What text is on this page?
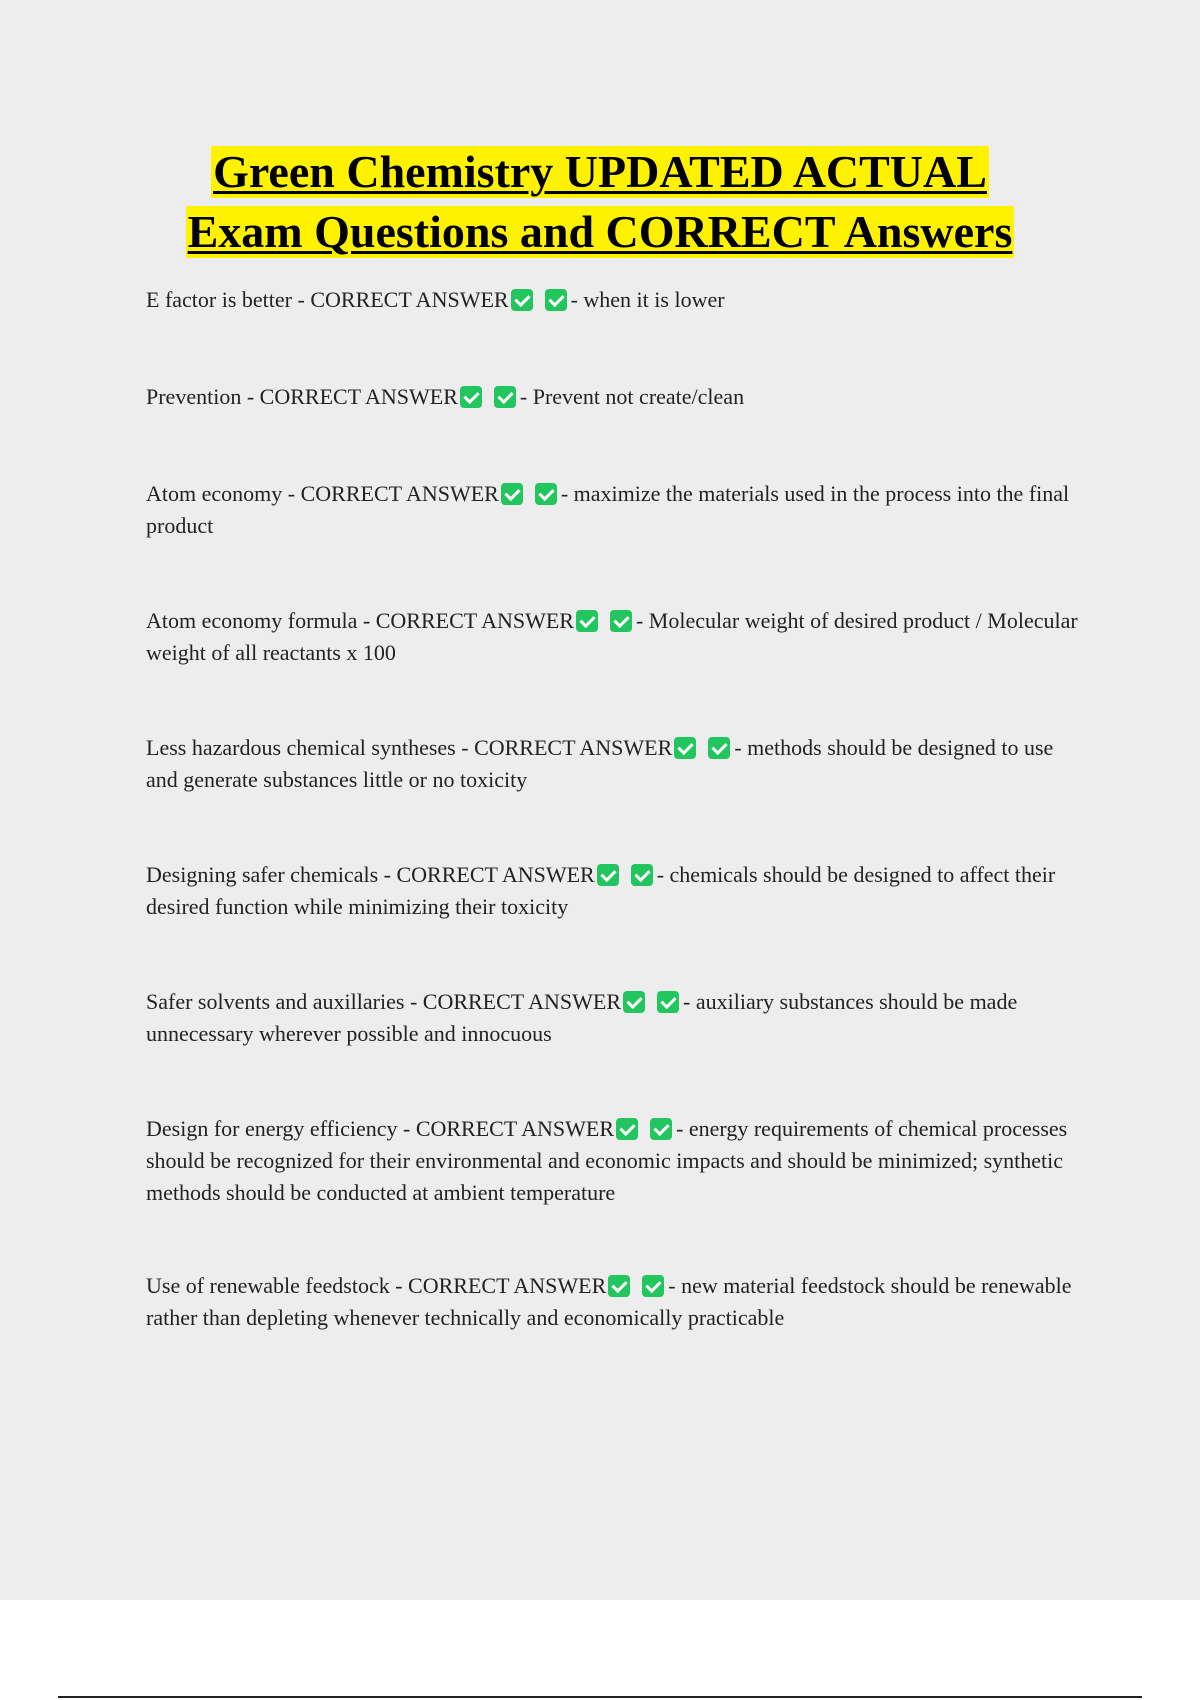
Green Chemistry UPDATED ACTUAL
Exam Questions and CORRECT Answers
E factor is better - CORRECT ANSWER	- when it is lower
Prevention - CORRECT ANSWER	- Prevent not create/clean
Atom economy - CORRECT ANSWER	- maximize the materials used in the process into the final product
Atom economy formula - CORRECT ANSWER	- Molecular weight of desired product / Molecular weight of all reactants x 100
Less hazardous chemical syntheses - CORRECT ANSWER	- methods should be designed to use and generate substances little or no toxicity
Designing safer chemicals - CORRECT ANSWER	- chemicals should be designed to affect their desired function while minimizing their toxicity
Safer solvents and auxillaries - CORRECT ANSWER	- auxiliary substances should be made unnecessary wherever possible and innocuous
Design for energy efficiency - CORRECT ANSWER	- energy requirements of chemical processes should be recognized for their environmental and economic impacts and should be minimized; synthetic methods should be conducted at ambient temperature
Use of renewable feedstock - CORRECT ANSWER	- new material feedstock should be renewable rather than depleting whenever technically and economically practicable
